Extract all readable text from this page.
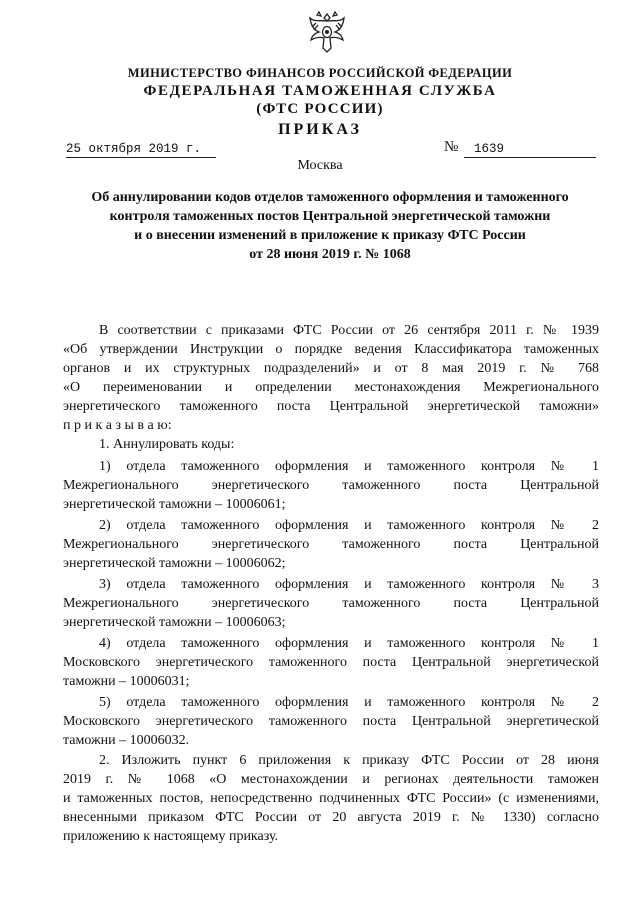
МИНИСТЕРСТВО ФИНАНСОВ РОССИЙСКОЙ ФЕДЕРАЦИИ
ФЕДЕРАЛЬНАЯ ТАМОЖЕННАЯ СЛУЖБА
(ФТС РОССИИ)
ПРИКАЗ
25 октября 2019 г.	№	1639
Москва
Об аннулировании кодов отделов таможенного оформления и таможенного
контроля таможенных постов Центральной энергетической таможни
и о внесении изменений в приложение к приказу ФТС России
от 28 июня 2019 г. № 1068
В соответствии с приказами ФТС России от 26 сентября 2011 г. № 1939
«Об утверждении Инструкции о порядке ведения Классификатора таможенных
органов и их структурных подразделений» и от 8 мая 2019 г. № 768
«О переименовании и определении местонахождения Межрегионального
энергетического таможенного поста Центральной энергетической таможни»
п р и к а з ы в а ю:
1. Аннулировать коды:
1) отдела таможенного оформления и таможенного контроля № 1
Межрегионального энергетического таможенного поста Центральной
энергетической таможни – 10006061;
2) отдела таможенного оформления и таможенного контроля № 2
Межрегионального энергетического таможенного поста Центральной
энергетической таможни – 10006062;
3) отдела таможенного оформления и таможенного контроля № 3
Межрегионального энергетического таможенного поста Центральной
энергетической таможни – 10006063;
4) отдела таможенного оформления и таможенного контроля № 1
Московского энергетического таможенного поста Центральной энергетической
таможни – 10006031;
5) отдела таможенного оформления и таможенного контроля № 2
Московского энергетического таможенного поста Центральной энергетической
таможни – 10006032.
2. Изложить пункт 6 приложения к приказу ФТС России от 28 июня
2019 г. № 1068 «О местонахождении и регионах деятельности таможен
и таможенных постов, непосредственно подчиненных ФТС России» (с изменениями,
внесенными приказом ФТС России от 20 августа 2019 г. № 1330) согласно
приложению к настоящему приказу.
